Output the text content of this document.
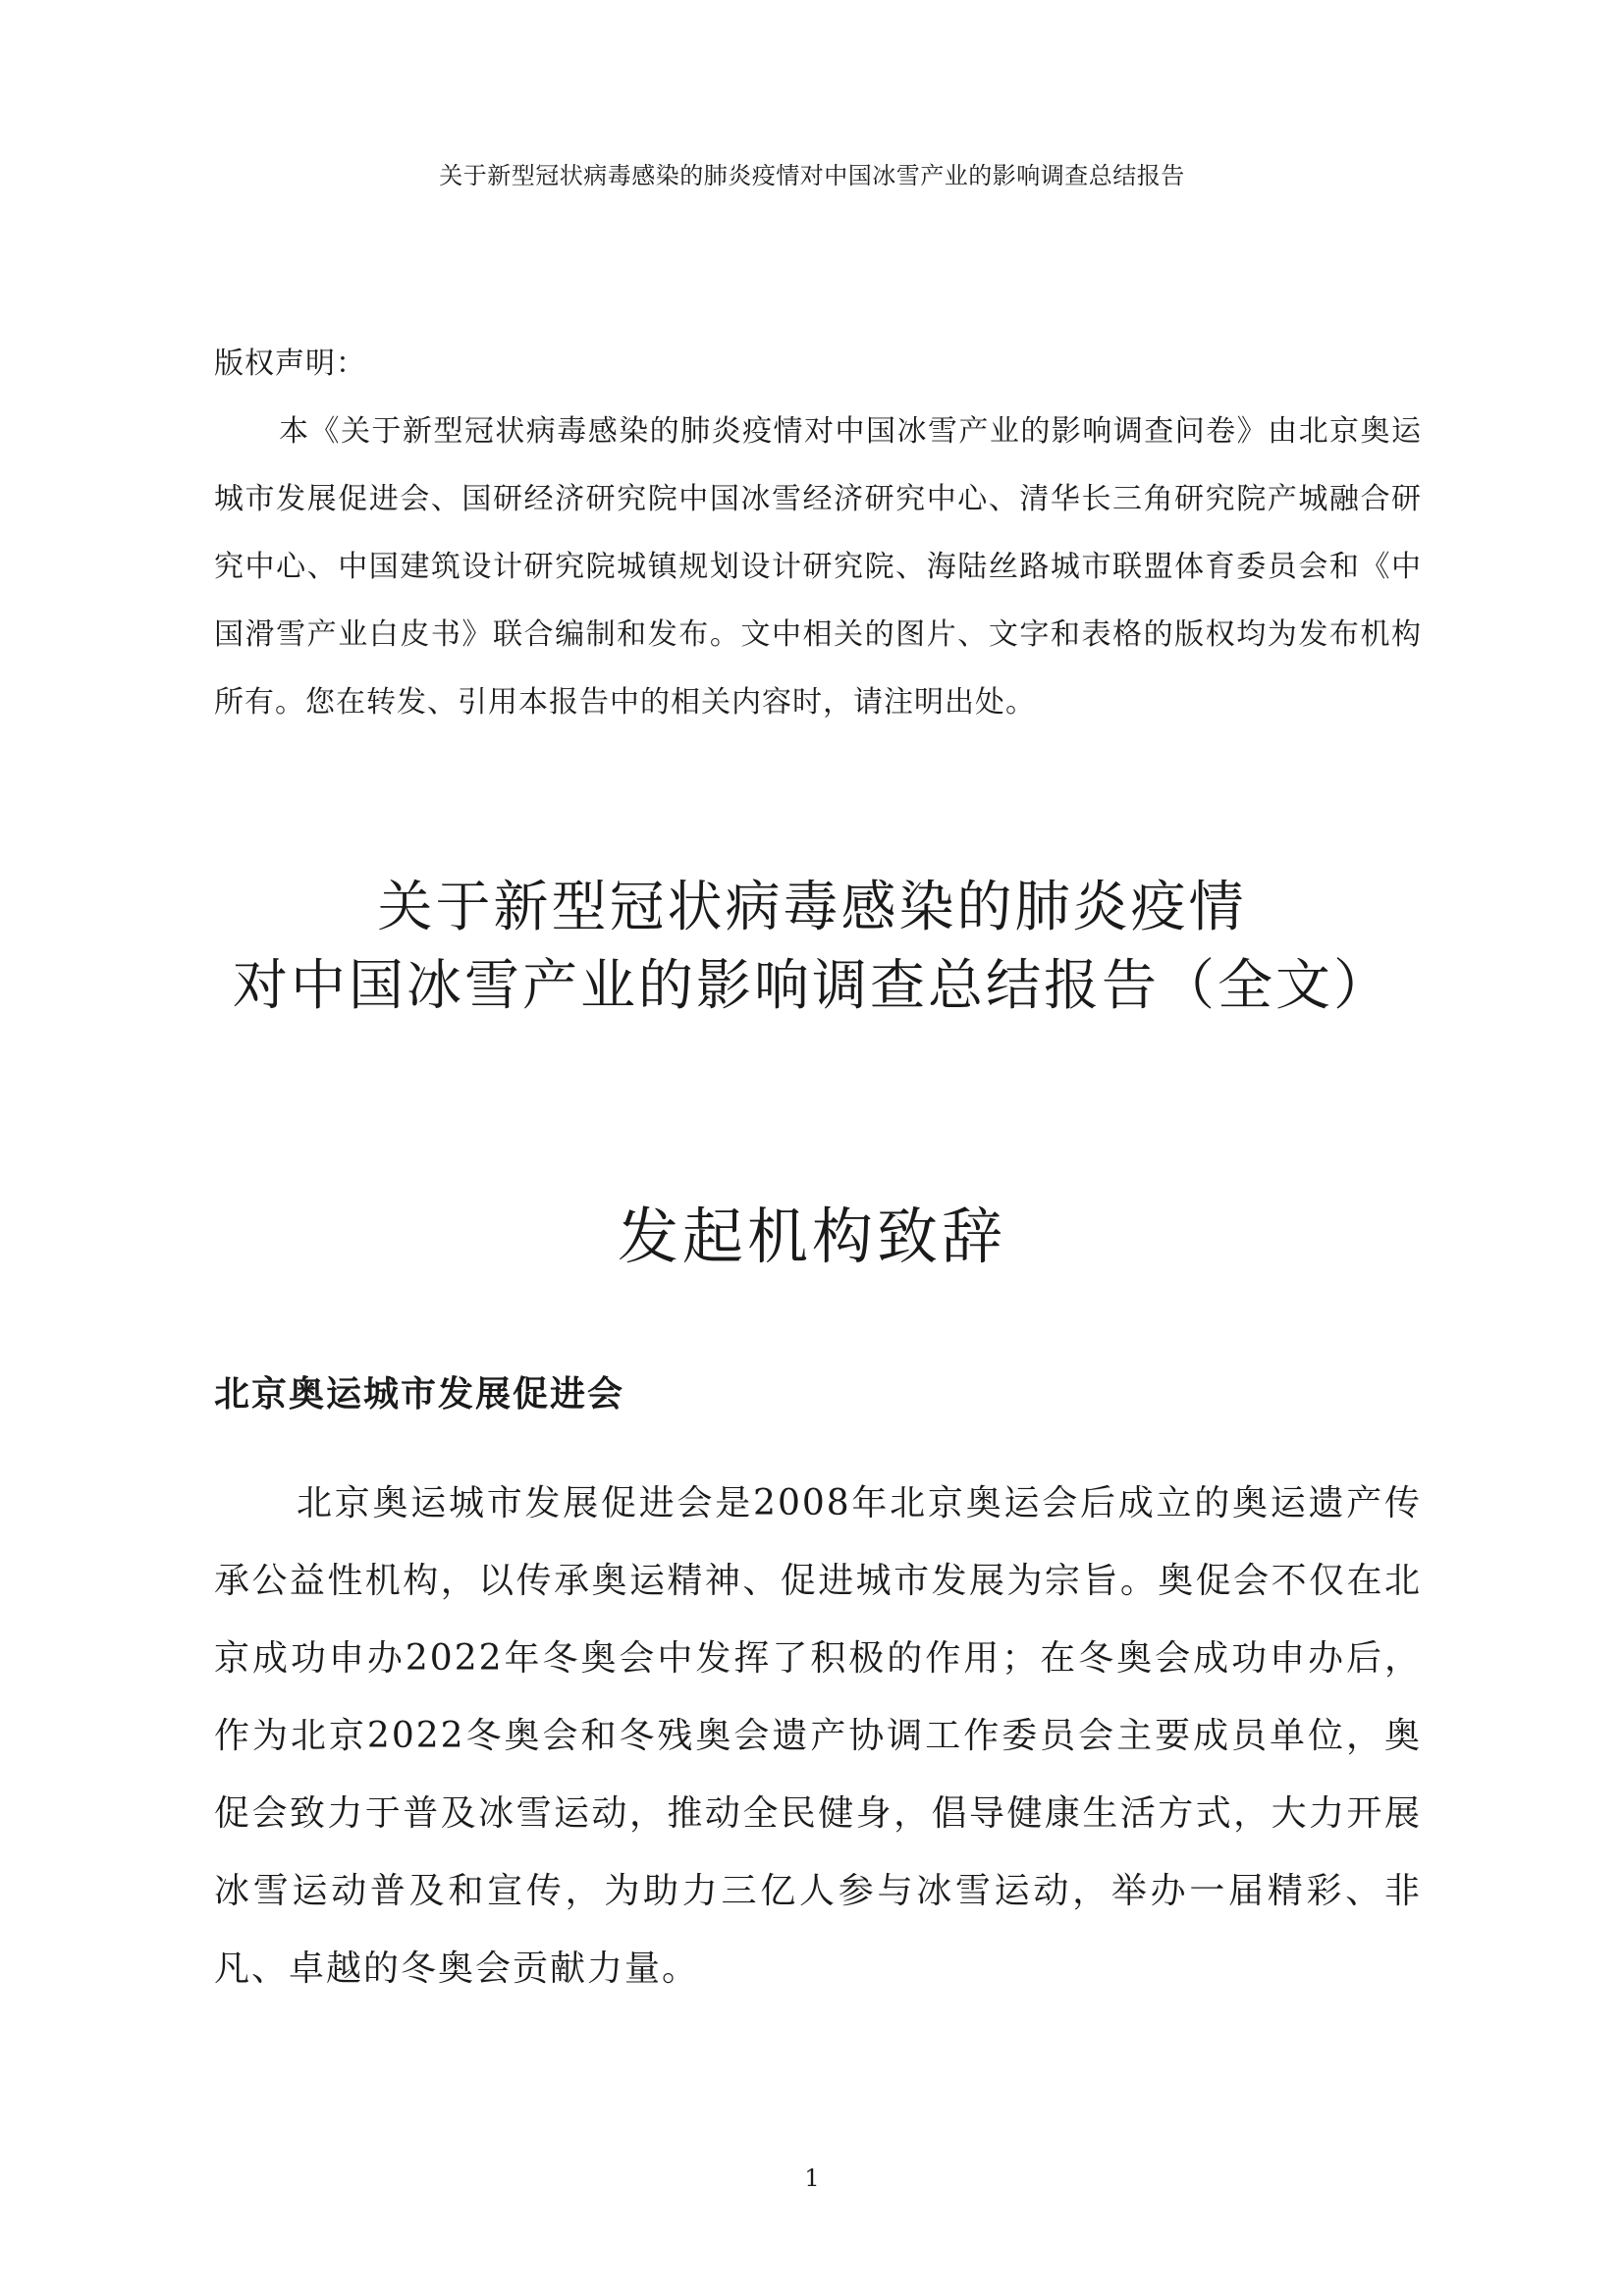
关于新型冠状病毒感染的肺炎疫情对中国冰雪产业的影响调查总结报告

版权声明：

本《关于新型冠状病毒感染的肺炎疫情对中国冰雪产业的影响调查问卷》由北京奥运城市发展促进会、国研经济研究院中国冰雪经济研究中心、清华长三角研究院产城融合研究中心、中国建筑设计研究院城镇规划设计研究院、海陆丝路城市联盟体育委员会和《中国滑雪产业白皮书》联合编制和发布。文中相关的图片、文字和表格的版权均为发布机构所有。您在转发、引用本报告中的相关内容时，请注明出处。

关于新型冠状病毒感染的肺炎疫情
对中国冰雪产业的影响调查总结报告（全文）
发起机构致辞
北京奥运城市发展促进会

北京奥运城市发展促进会是2008年北京奥运会后成立的奥运遗产传承公益性机构，以传承奥运精神、促进城市发展为宗旨。奥促会不仅在北京成功申办2022年冬奥会中发挥了积极的作用；在冬奥会成功申办后，作为北京2022冬奥会和冬残奥会遗产协调工作委员会主要成员单位，奥促会致力于普及冰雪运动，推动全民健身，倡导健康生活方式，大力开展冰雪运动普及和宣传，为助力三亿人参与冰雪运动，举办一届精彩、非凡、卓越的冬奥会贡献力量。

1
